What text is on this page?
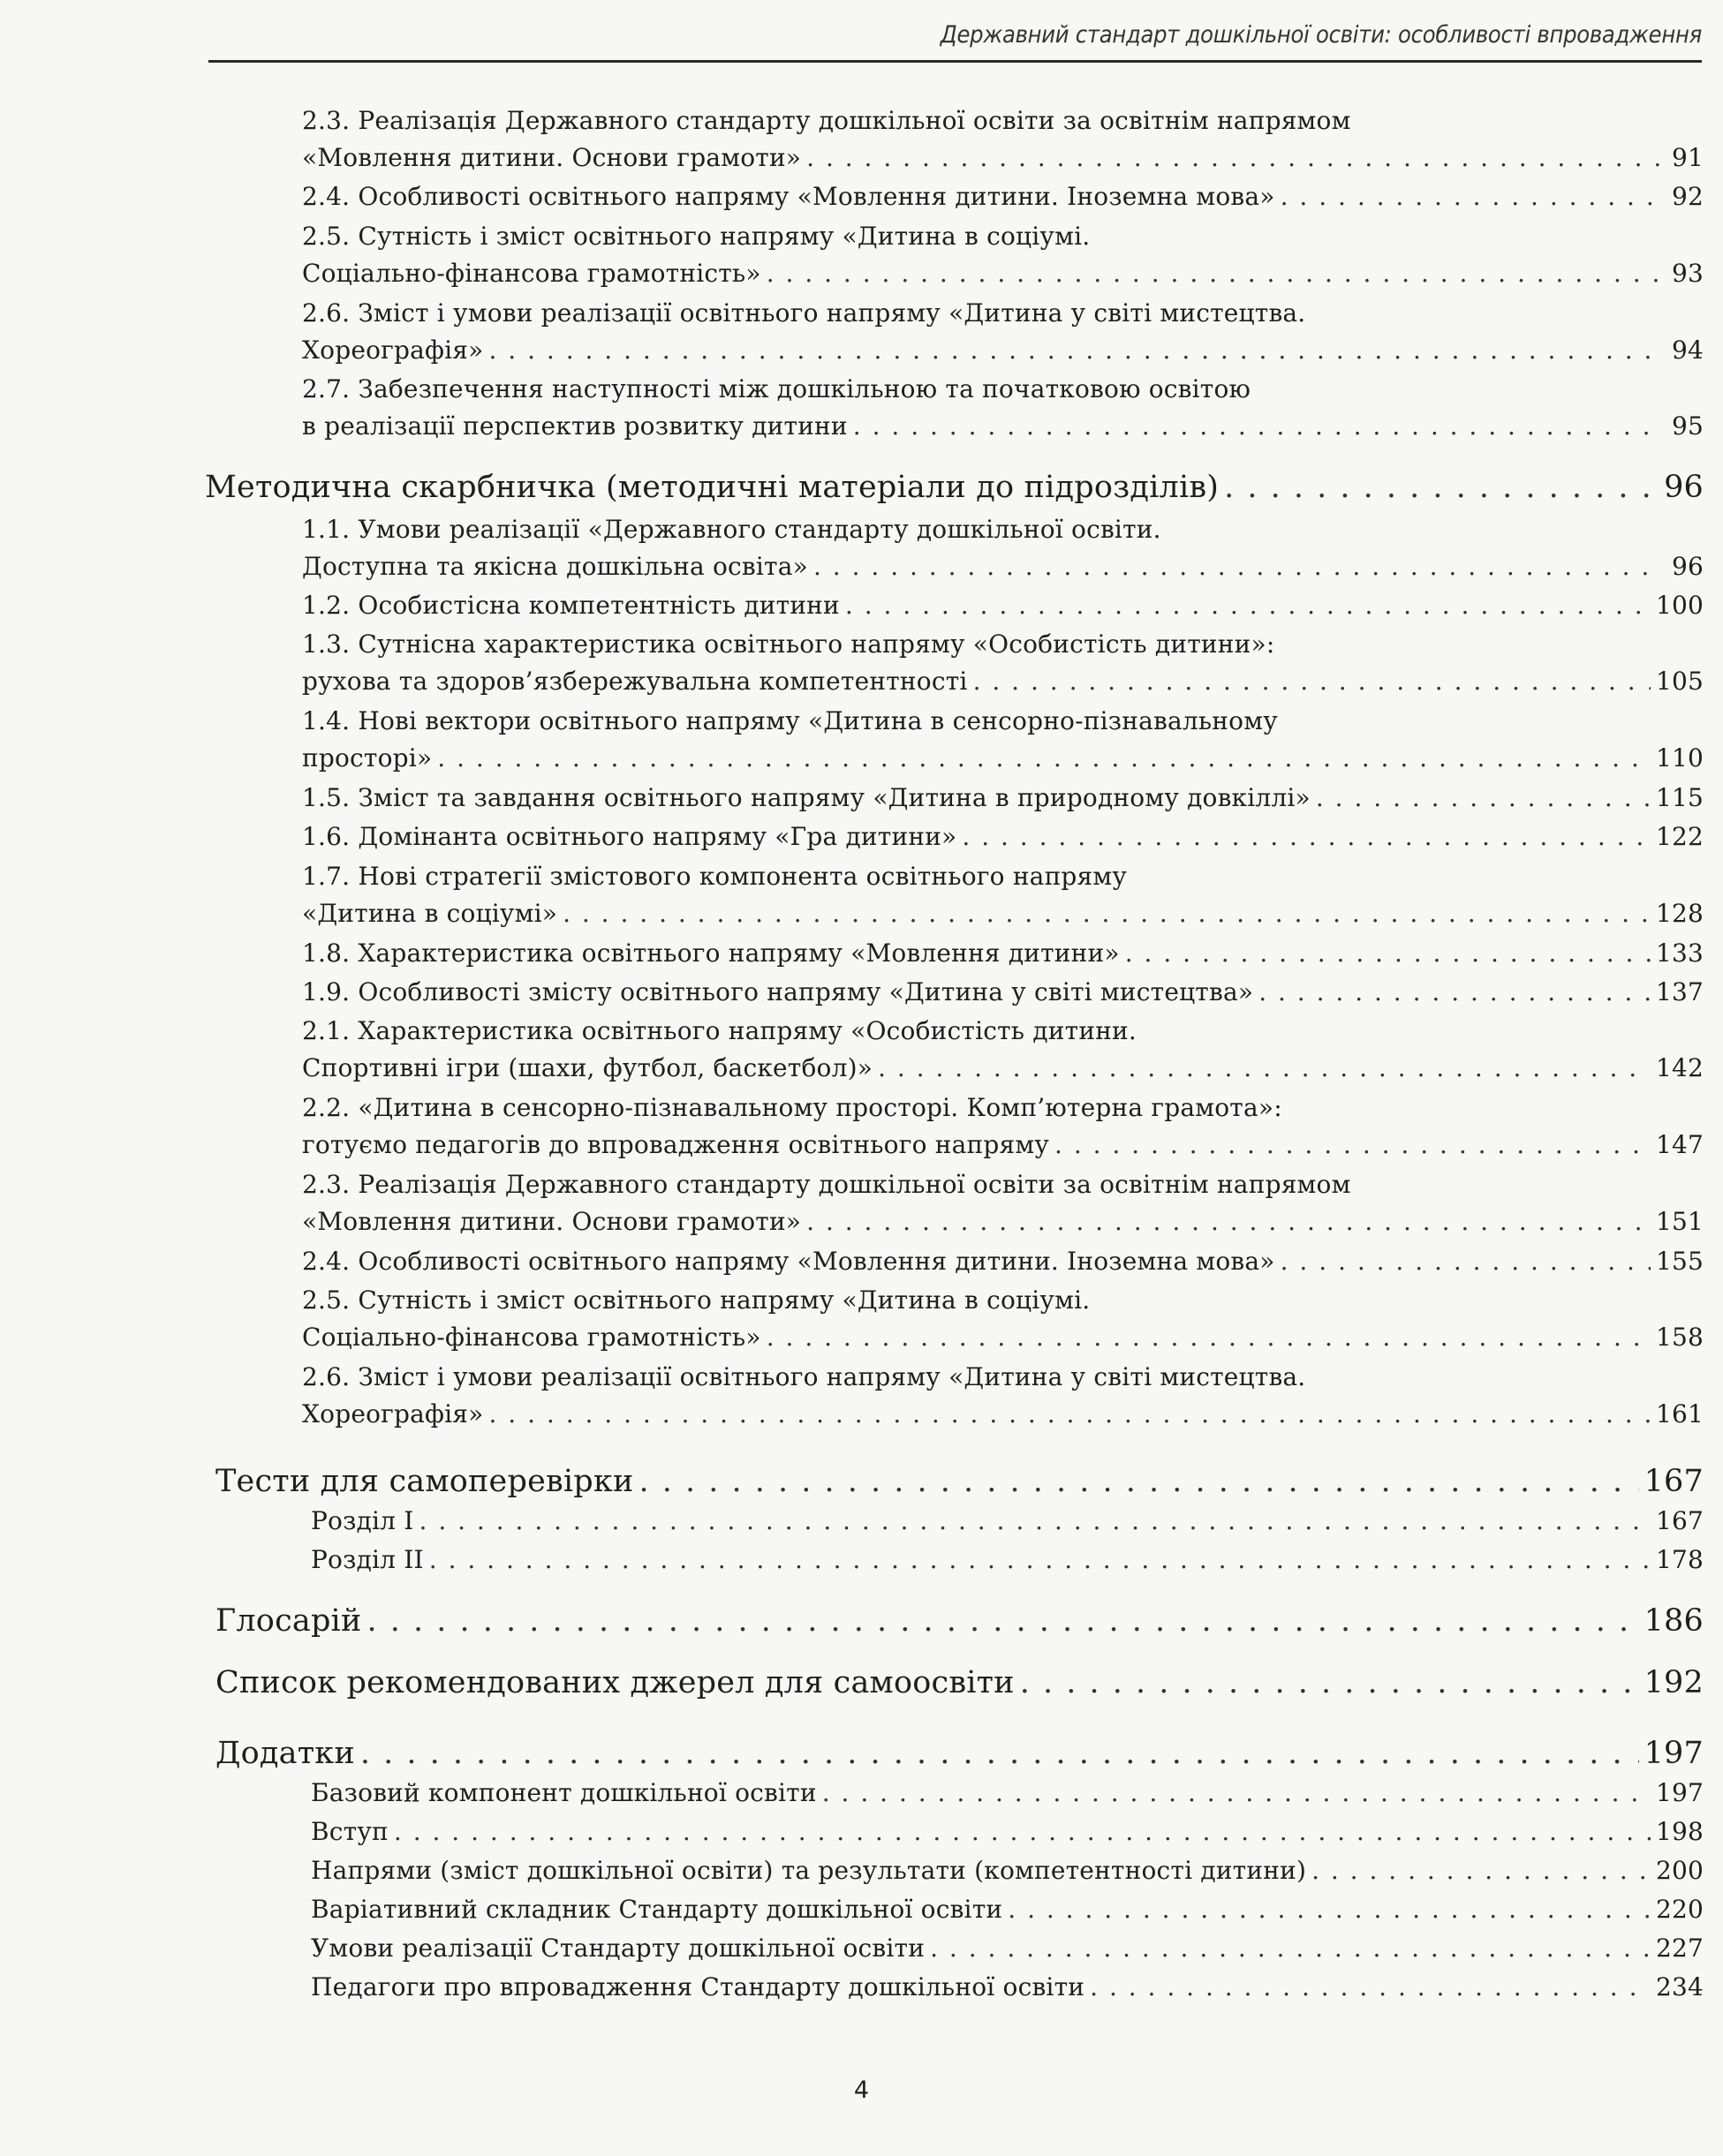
Державний стандарт дошкільної освіти: особливості впровадження
2.3. Реалізація Державного стандарту дошкільної освіти за освітнім напрямом
«Мовлення дитини. Основи грамоти» . . .	91
2.4. Особливості освітнього напряму «Мовлення дитини. Іноземна мова» . . .	92
2.5. Сутність і зміст освітнього напряму «Дитина в соціумі.
Соціально-фінансова грамотність» . . .	93
2.6. Зміст і умови реалізації освітнього напряму «Дитина у світі мистецтва.
Хореографія» . . .	94
2.7. Забезпечення наступності між дошкільною та початковою освітою
в реалізації перспектив розвитку дитини . . .	95
Методична скарбничка (методичні матеріали до підрозділів) . . .	96
1.1. Умови реалізації «Державного стандарту дошкільної освіти.
Доступна та якісна дошкільна освіта» . . .	96
1.2. Особистісна компетентність дитини . . .	100
1.3. Сутнісна характеристика освітнього напряму «Особистість дитини»:
рухова та здоров’язбережувальна компетентності . . .	105
1.4. Нові вектори освітнього напряму «Дитина в сенсорно-пізнавальному
просторі» . . .	110
1.5. Зміст та завдання освітнього напряму «Дитина в природному довкіллі» . . .	115
1.6. Домінанта освітнього напряму «Гра дитини» . . .	122
1.7. Нові стратегії змістового компонента освітнього напряму
«Дитина в соціумі» . . .	128
1.8. Характеристика освітнього напряму «Мовлення дитини» . . .	133
1.9. Особливості змісту освітнього напряму «Дитина у світі мистецтва» . . .	137
2.1. Характеристика освітнього напряму «Особистість дитини.
Спортивні ігри (шахи, футбол, баскетбол)» . . .	142
2.2. «Дитина в сенсорно-пізнавальному просторі. Комп’ютерна грамота»:
готуємо педагогів до впровадження освітнього напряму . . .	147
2.3. Реалізація Державного стандарту дошкільної освіти за освітнім напрямом
«Мовлення дитини. Основи грамоти» . . .	151
2.4. Особливості освітнього напряму «Мовлення дитини. Іноземна мова» . . .	155
2.5. Сутність і зміст освітнього напряму «Дитина в соціумі.
Соціально-фінансова грамотність» . . .	158
2.6. Зміст і умови реалізації освітнього напряму «Дитина у світі мистецтва.
Хореографія» . . .	161
Тести для самоперевірки . . .	167
Розділ I . . .	167
Розділ II . . .	178
Глосарій . . .	186
Список рекомендованих джерел для самоосвіти . . .	192
Додатки . . .	197
Базовий компонент дошкільної освіти . . .	197
Вступ . . .	198
Напрями (зміст дошкільної освіти) та результати (компетентності дитини) . . .	200
Варіативний складник Стандарту дошкільної освіти . . .	220
Умови реалізації Стандарту дошкільної освіти . . .	227
Педагоги про впровадження Стандарту дошкільної освіти . . .	234
4
